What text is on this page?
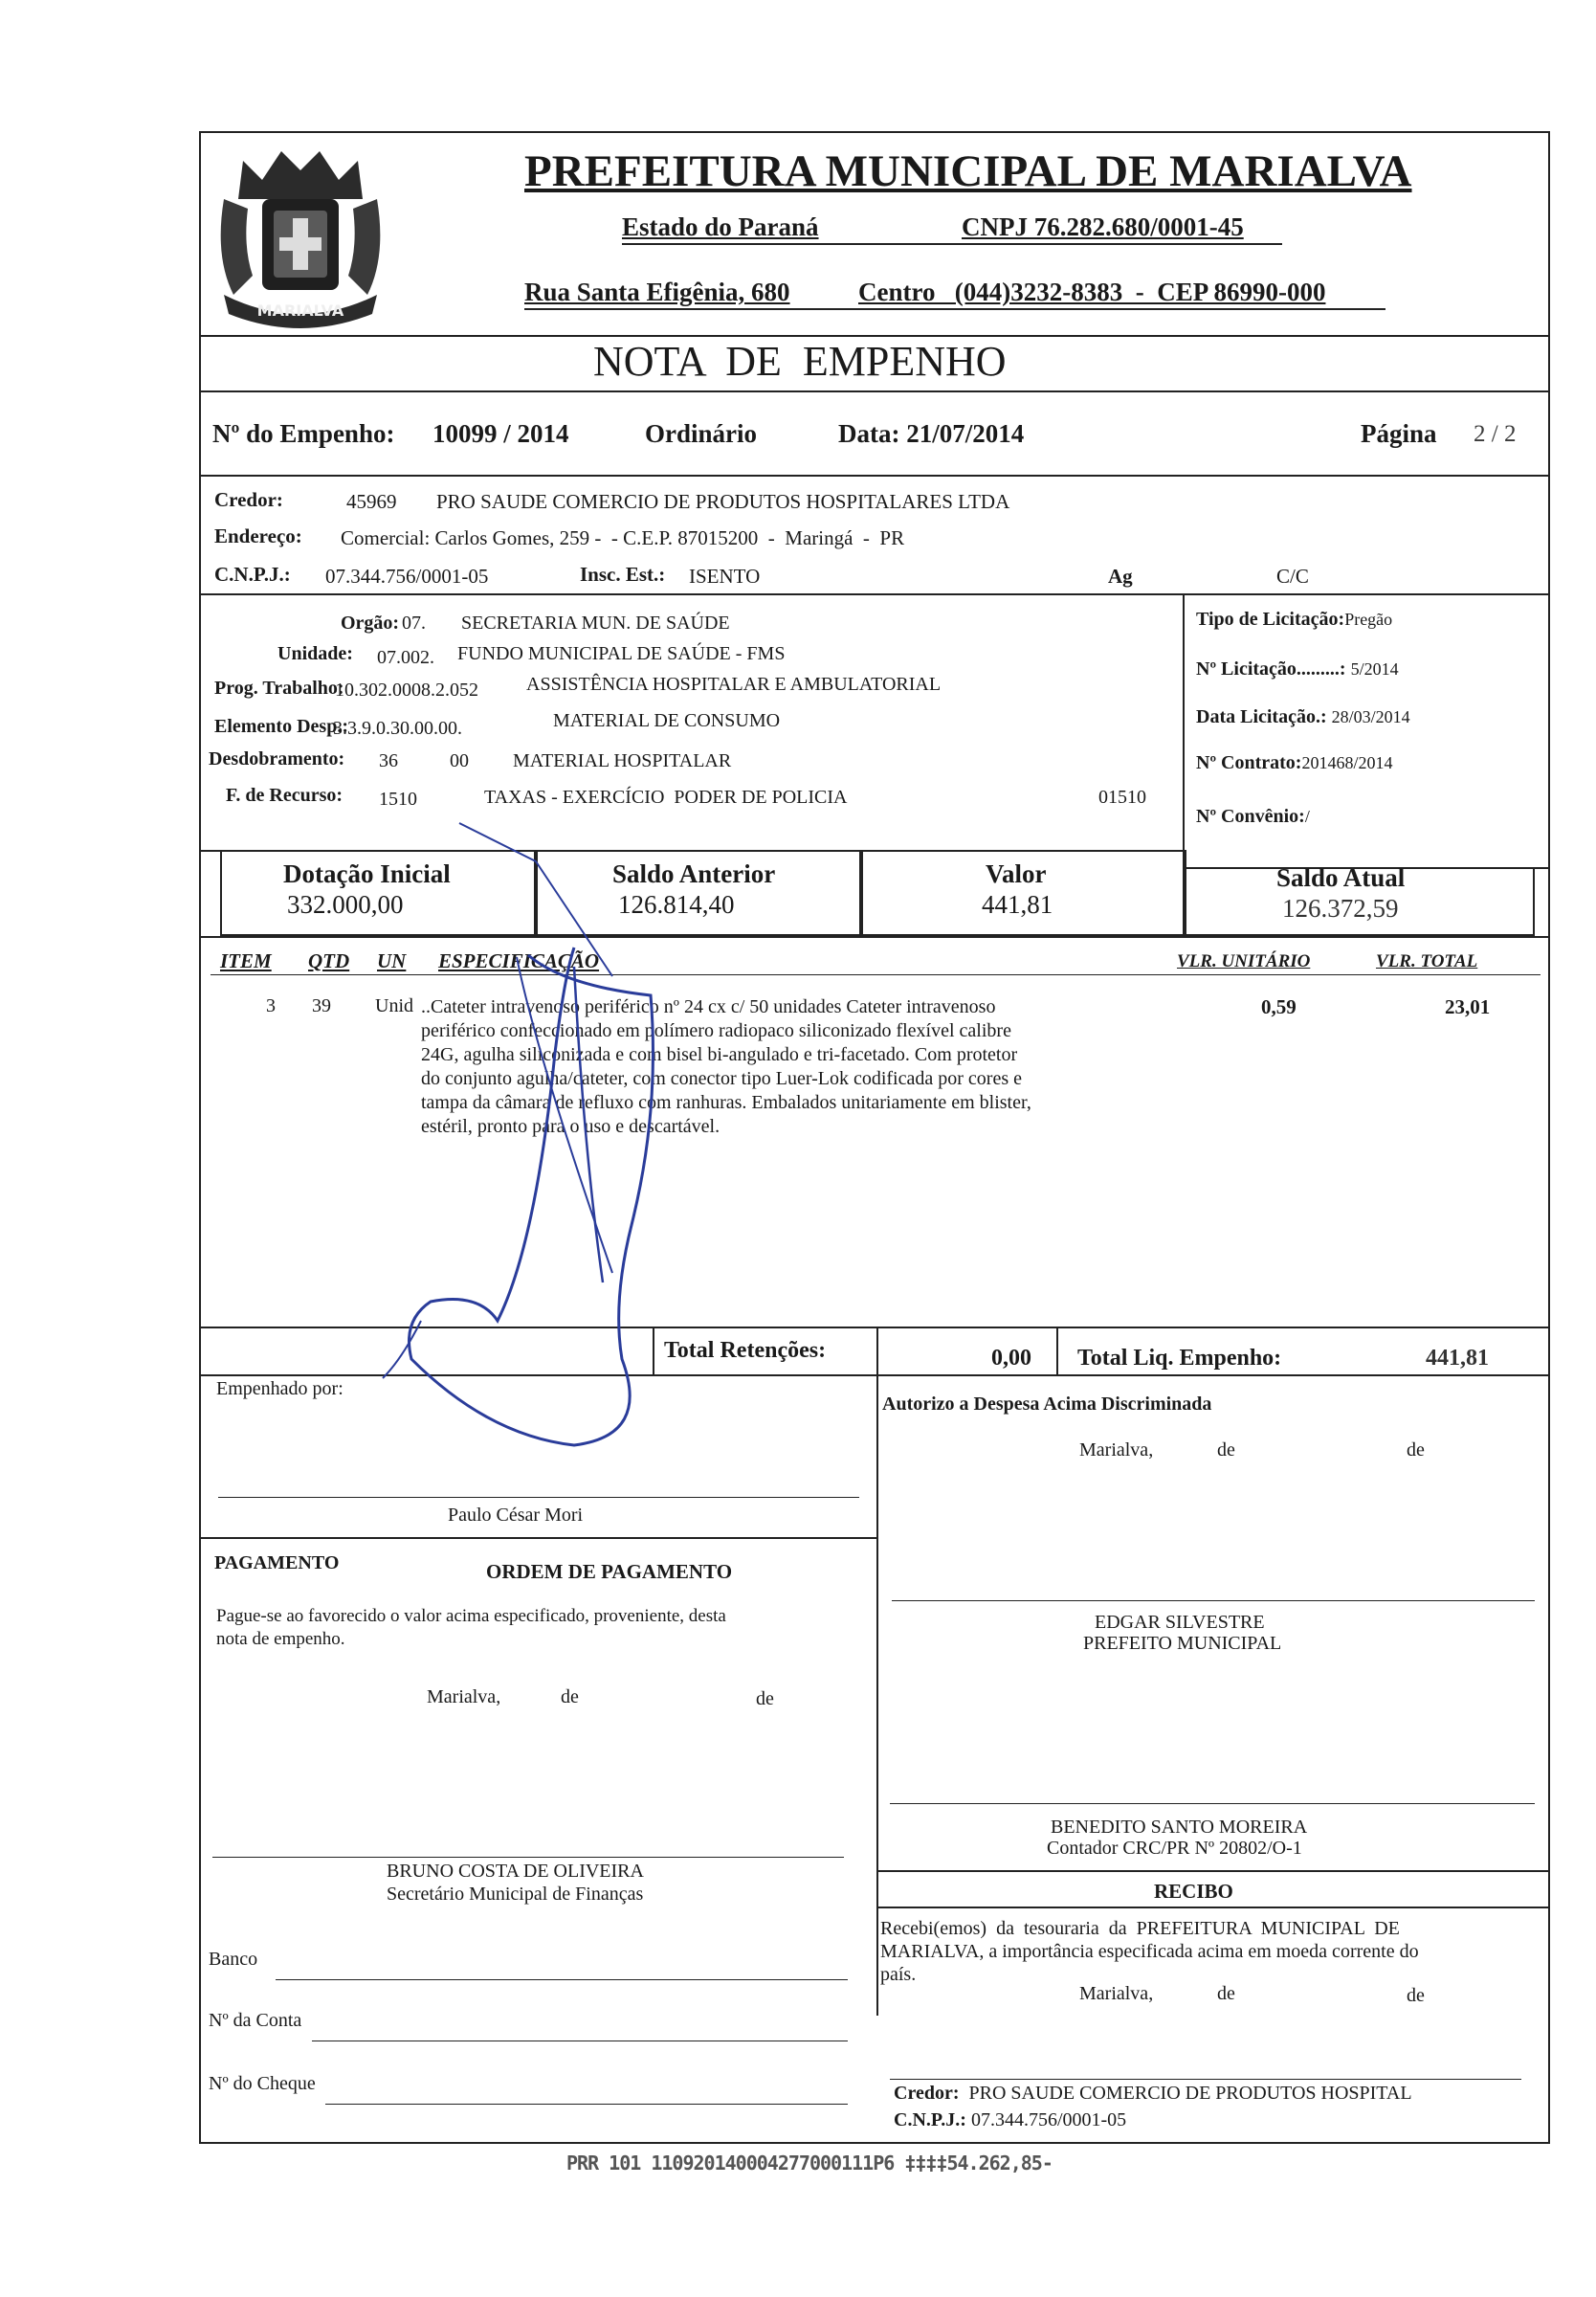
MARIALVA
PREFEITURA MUNICIPAL DE MARIALVA
Estado do Paraná	CNPJ 76.282.680/0001-45
Rua Santa Efigênia, 680	Centro   (044)3232-8383  -  CEP 86990-000
NOTA  DE  EMPENHO
Nº do Empenho: 10099 / 2014	Ordinário	Data: 21/07/2014	Página 2 / 2
Credor:	45969 PRO SAUDE COMERCIO DE PRODUTOS HOSPITALARES LTDA
Endereço: Comercial: Carlos Gomes, 259 -  - C.E.P. 87015200  -  Maringá  -  PR
C.N.P.J.: 07.344.756/0001-05	Insc. Est.: ISENTO	Ag	C/C
Orgão: 07. SECRETARIA MUN. DE SAÚDE
Unidade: 07.002. FUNDO MUNICIPAL DE SAÚDE - FMS
Prog. Trabalho:
10.302.0008.2.052	ASSISTÊNCIA HOSPITALAR E AMBULATORIAL
Elemento Desp.:
3.3.9.0.30.00.00.	MATERIAL DE CONSUMO
Desdobramento: 36	00 MATERIAL HOSPITALAR
F. de Recurso: 1510	TAXAS - EXERCÍCIO  PODER DE POLICIA	01510
Tipo de Licitação:Pregão
Nº Licitação.........: 5/2014
Data Licitação.: 28/03/2014
Nº Contrato:201468/2014
Nº Convênio:/
Dotação Inicial
332.000,00
Saldo Anterior
126.814,40
Valor
441,81
Saldo Atual
126.372,59
ITEM QTD UN ESPECIFICAÇÃO	VLR. UNITÁRIO	VLR. TOTAL
3 39 Unid ..Cateter intravenoso periférico nº 24 cx c/ 50 unidades Cateter intravenoso
periférico confeccionado em polímero radiopaco siliconizado flexível calibre
24G, agulha siliconizada e com bisel bi-angulado e tri-facetado. Com protetor
do conjunto agulha/cateter, com conector tipo Luer-Lok codificada por cores e
tampa da câmara de refluxo com ranhuras. Embalados unitariamente em blister,
estéril, pronto para o uso e descartável.
0,59	23,01
Total Retenções:	0,00 Total Liq. Empenho:	441,81
Empenhado por:
Autorizo a Despesa Acima Discriminada
Marialva,	de	de
Paulo César Mori
PAGAMENTO	ORDEM DE PAGAMENTO
Pague-se ao favorecido o valor acima especificado, proveniente, desta
nota de empenho.
Marialva,	de	de
EDGAR SILVESTRE
PREFEITO MUNICIPAL
BENEDITO SANTO MOREIRA
Contador CRC/PR Nº 20802/O-1
BRUNO COSTA DE OLIVEIRA
Secretário Municipal de Finanças	RECIBO
Recebi(emos)  da  tesouraria  da  PREFEITURA  MUNICIPAL  DE
MARIALVA, a importância especificada acima em moeda corrente do
país.
Marialva,	de	de
Banco
Nº da Conta
Nº do Cheque	Credor: PRO SAUDE COMERCIO DE PRODUTOS HOSPITAL
C.N.P.J.: 07.344.756/0001-05
PRR 101 110920140004277000111P6 ‡‡‡‡54.262,85-
